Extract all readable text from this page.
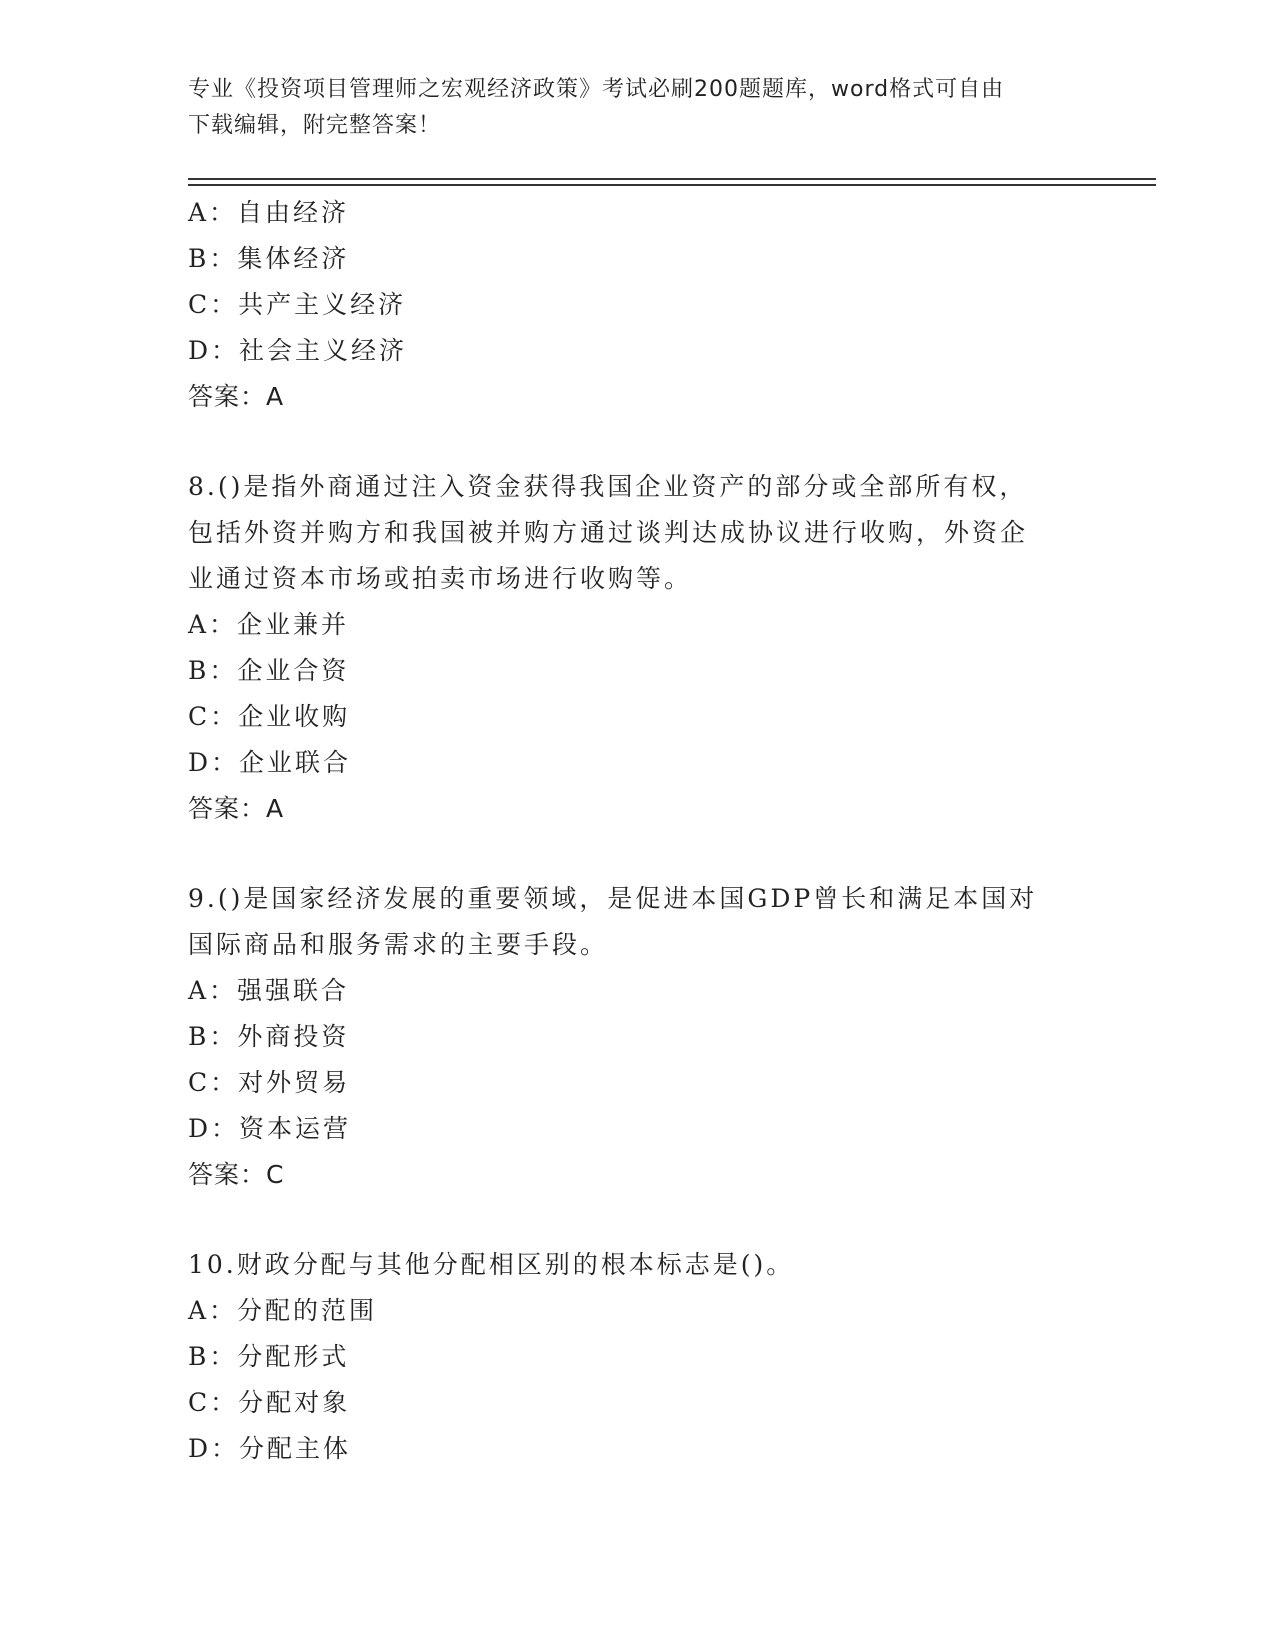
专业《投资项目管理师之宏观经济政策》考试必刷200题题库，word格式可自由
下载编辑，附完整答案！
A：自由经济
B：集体经济
C：共产主义经济
D：社会主义经济
答案：A
8.()是指外商通过注入资金获得我国企业资产的部分或全部所有权，
包括外资并购方和我国被并购方通过谈判达成协议进行收购，外资企
业通过资本市场或拍卖市场进行收购等。
A：企业兼并
B：企业合资
C：企业收购
D：企业联合
答案：A
9.()是国家经济发展的重要领域，是促进本国GDP曾长和满足本国对
国际商品和服务需求的主要手段。
A：强强联合
B：外商投资
C：对外贸易
D：资本运营
答案：C
10.财政分配与其他分配相区别的根本标志是()。
A：分配的范围
B：分配形式
C：分配对象
D：分配主体
